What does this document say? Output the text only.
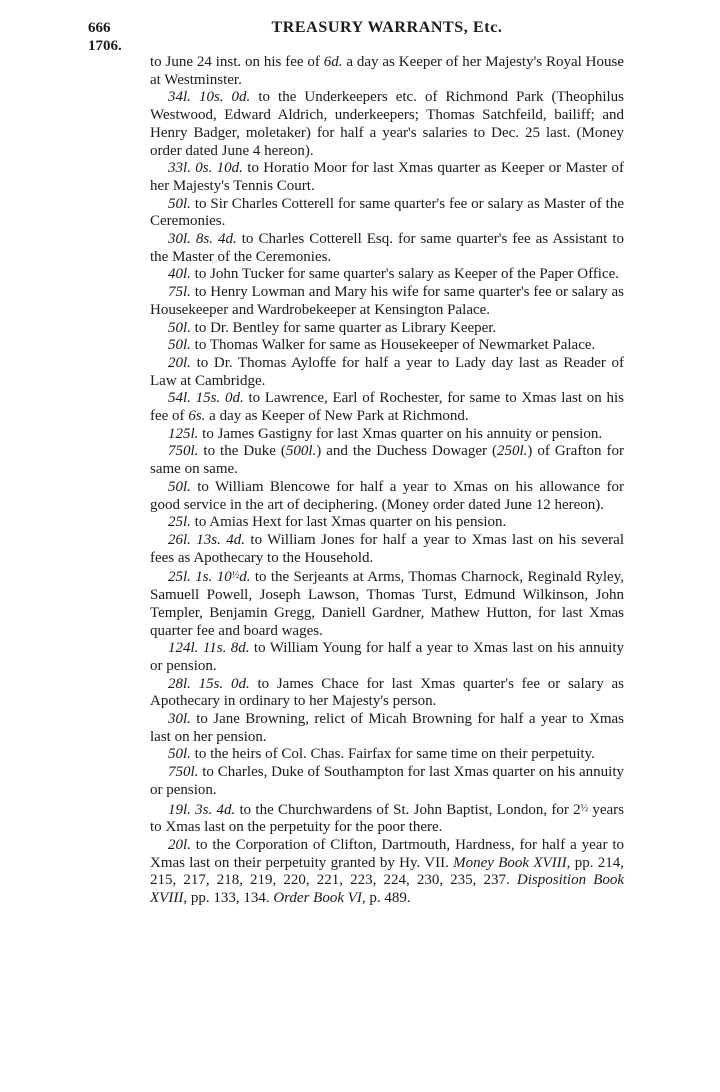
666
1706.
TREASURY WARRANTS, Etc.

to June 24 inst. on his fee of 6d. a day as Keeper of her Majesty's Royal House at Westminster.

34l. 10s. 0d. to the Underkeepers etc. of Richmond Park (Theophilus Westwood, Edward Aldrich, underkeepers; Thomas Satchfeild, bailiff; and Henry Badger, moletaker) for half a year's salaries to Dec. 25 last. (Money order dated June 4 hereon).

33l. 0s. 10d. to Horatio Moor for last Xmas quarter as Keeper or Master of her Majesty's Tennis Court.

50l. to Sir Charles Cotterell for same quarter's fee or salary as Master of the Ceremonies.

30l. 8s. 4d. to Charles Cotterell Esq. for same quarter's fee as Assistant to the Master of the Ceremonies.

40l. to John Tucker for same quarter's salary as Keeper of the Paper Office.

75l. to Henry Lowman and Mary his wife for same quarter's fee or salary as Housekeeper and Wardrobekeeper at Kensington Palace.

50l. to Dr. Bentley for same quarter as Library Keeper.

50l. to Thomas Walker for same as Housekeeper of Newmarket Palace.

20l. to Dr. Thomas Ayloffe for half a year to Lady day last as Reader of Law at Cambridge.

54l. 15s. 0d. to Lawrence, Earl of Rochester, for same to Xmas last on his fee of 6s. a day as Keeper of New Park at Richmond.

125l. to James Gastigny for last Xmas quarter on his annuity or pension.

750l. to the Duke (500l.) and the Duchess Dowager (250l.) of Grafton for same on same.

50l. to William Blencowe for half a year to Xmas on his allowance for good service in the art of deciphering. (Money order dated June 12 hereon).

25l. to Amias Hext for last Xmas quarter on his pension.

26l. 13s. 4d. to William Jones for half a year to Xmas last on his several fees as Apothecary to the Household.

25l. 1s. $10^{\frac{1}{2}}d$. to the Serjeants at Arms, Thomas Charnock, Reginald Ryley, Samuell Powell, Joseph Lawson, Thomas Turst, Edmund Wilkinson, John Templer, Benjamin Gregg, Daniell Gardner, Mathew Hutton, for last Xmas quarter fee and board wages.

124l. 11s. 8d. to William Young for half a year to Xmas last on his annuity or pension.

28l. 15s. 0d. to James Chace for last Xmas quarter's fee or salary as Apothecary in ordinary to her Majesty's person.

30l. to Jane Browning, relict of Micah Browning for half a year to Xmas last on her pension.

50l. to the heirs of Col. Chas. Fairfax for same time on their perpetuity.

750l. to Charles, Duke of Southampton for last Xmas quarter on his annuity or pension.

19l. 3s. 4d. to the Churchwardens of St. John Baptist, London, for $2^{\frac{1}{2}}$ years to Xmas last on the perpetuity for the poor there.

20l. to the Corporation of Clifton, Dartmouth, Hardness, for half a year to Xmas last on their perpetuity granted by Hy. VII. Money Book XVIII, pp. 214, 215, 217, 218, 219, 220, 221, 223, 224, 230, 235, 237. Disposition Book XVIII, pp. 133, 134. Order Book VI, p. 489.
